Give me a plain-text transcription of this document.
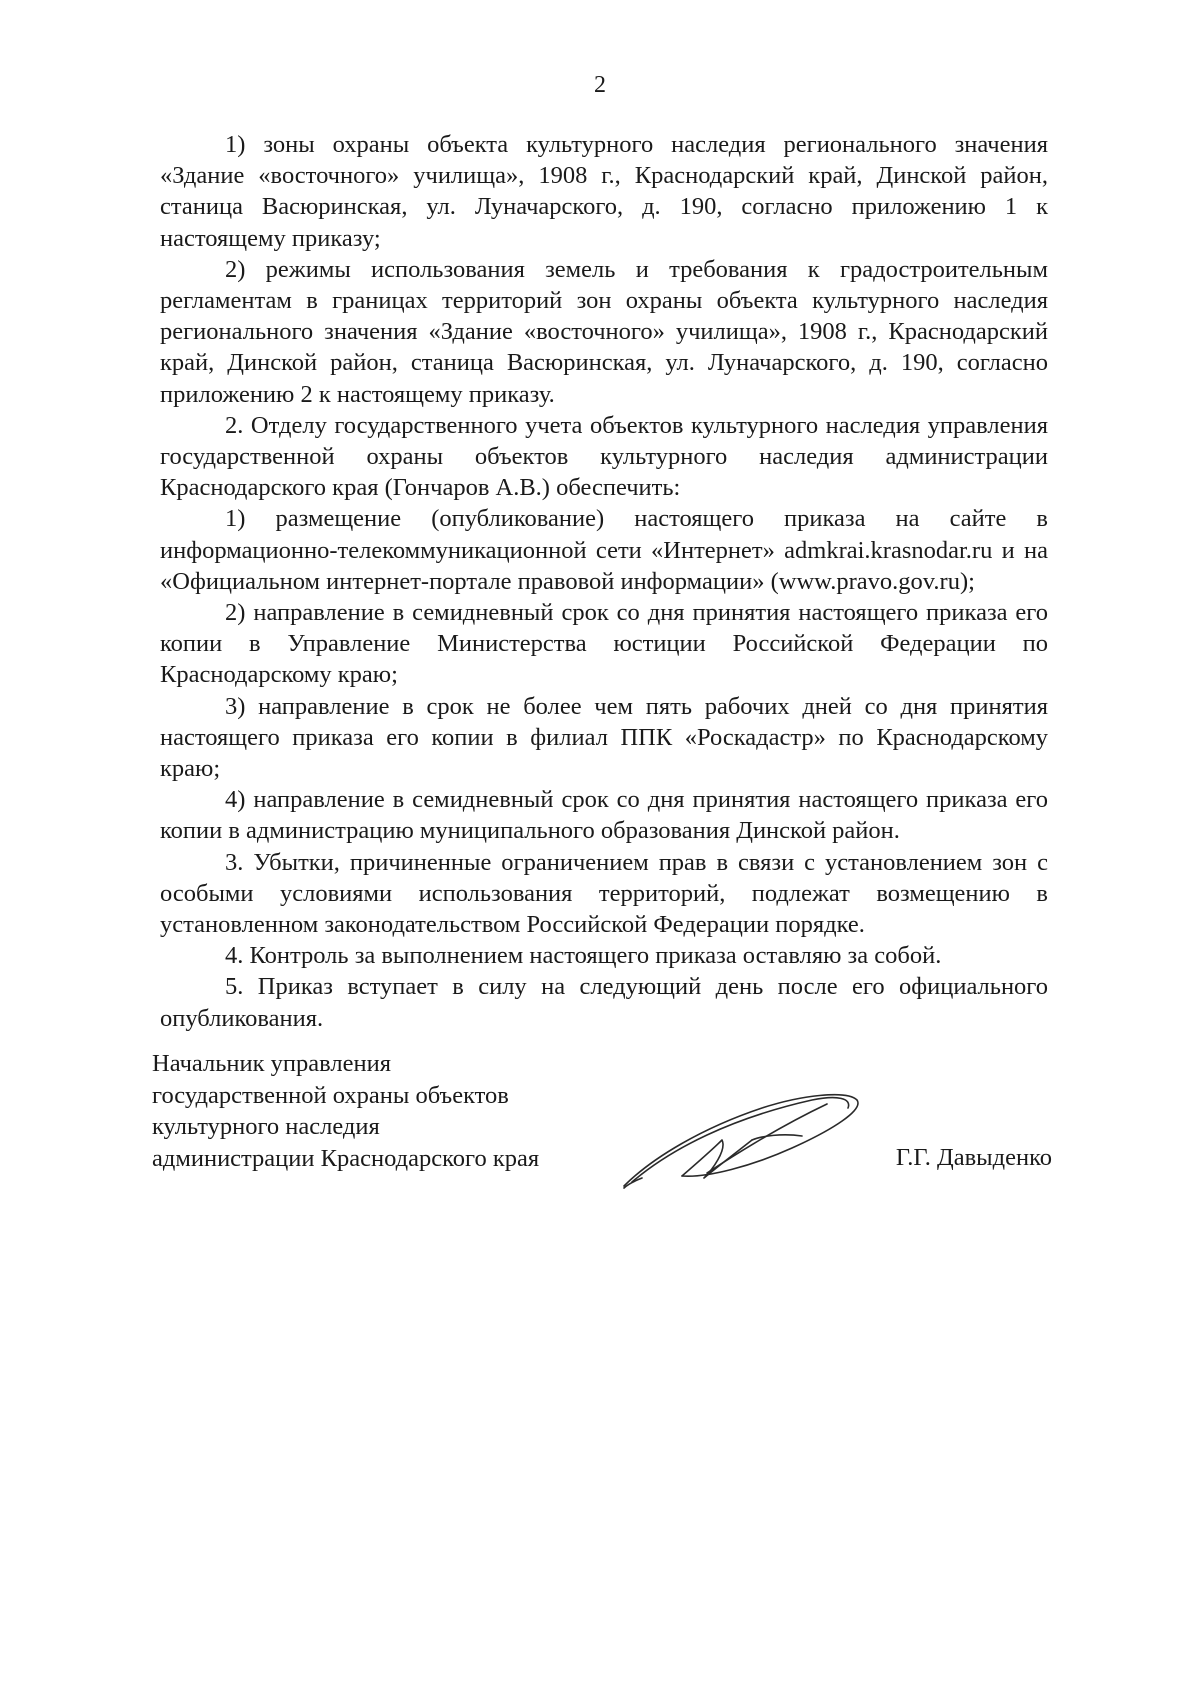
2

1) зоны охраны объекта культурного наследия регионального значения «Здание «восточного» училища», 1908 г., Краснодарский край, Динской район, станица Васюринская, ул. Луначарского, д. 190, согласно приложению 1 к настоящему приказу;

2) режимы использования земель и требования к градостроительным регламентам в границах территорий зон охраны объекта культурного наследия регионального значения «Здание «восточного» училища», 1908 г., Краснодарский край, Динской район, станица Васюринская, ул. Луначарского, д. 190, согласно приложению 2 к настоящему приказу.

2. Отделу государственного учета объектов культурного наследия управления государственной охраны объектов культурного наследия администрации Краснодарского края (Гончаров А.В.) обеспечить:

1) размещение (опубликование) настоящего приказа на сайте в информационно-телекоммуникационной сети «Интернет» admkrai.krasnodar.ru и на «Официальном интернет-портале правовой информации» (www.pravo.gov.ru);

2) направление в семидневный срок со дня принятия настоящего приказа его копии в Управление Министерства юстиции Российской Федерации по Краснодарскому краю;

3) направление в срок не более чем пять рабочих дней со дня принятия настоящего приказа его копии в филиал ППК «Роскадастр» по Краснодарскому краю;

4) направление в семидневный срок со дня принятия настоящего приказа его копии в администрацию муниципального образования Динской район.

3. Убытки, причиненные ограничением прав в связи с установлением зон с особыми условиями использования территорий, подлежат возмещению в установленном законодательством Российской Федерации порядке.

4. Контроль за выполнением настоящего приказа оставляю за собой.

5. Приказ вступает в силу на следующий день после его официального опубликования.

Начальник управления
государственной охраны объектов
культурного наследия
администрации Краснодарского края	Г.Г. Давыденко
